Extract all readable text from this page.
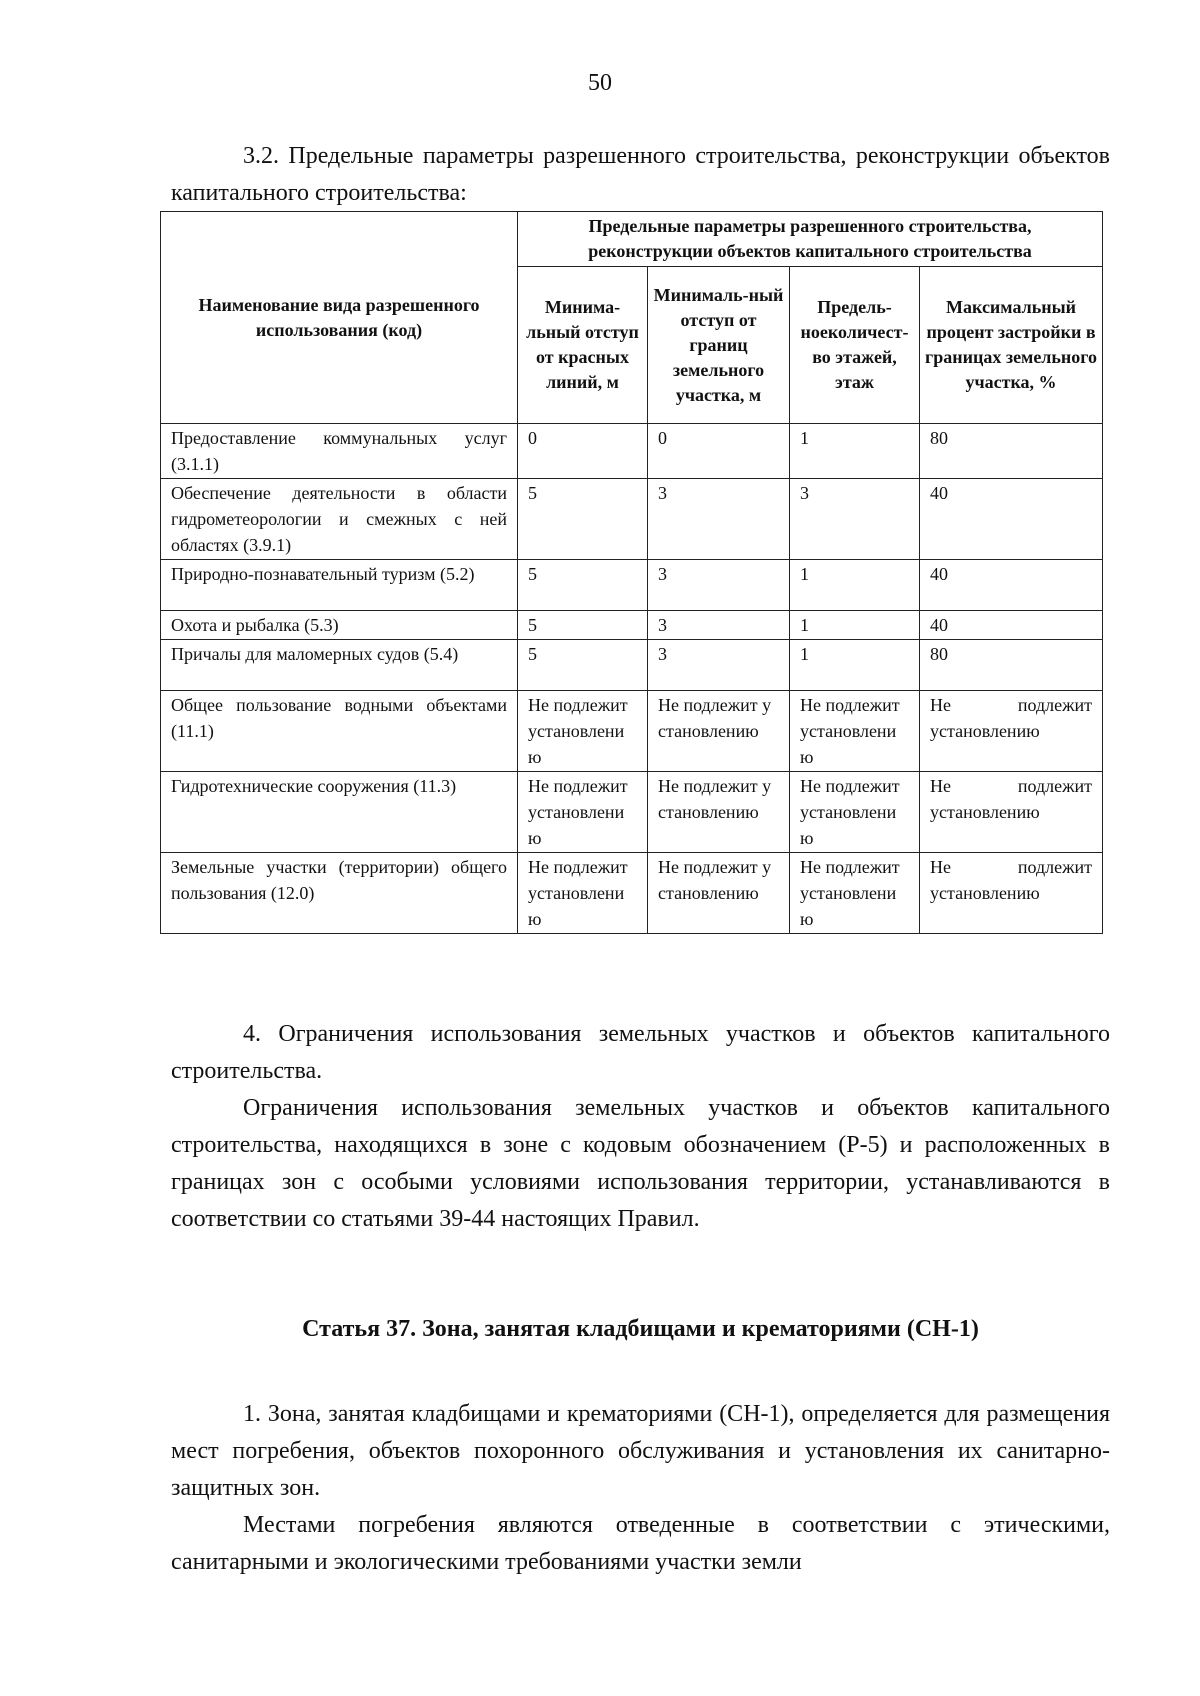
50

3.2. Предельные параметры разрешенного строительства, реконструкции объектов капитального строительства:

Наименование вида разрешенного использования (код)	Предельные параметры разрешенного строительства, реконструкции объектов капитального строительства			
	Минима-льный отступ от красных линий, м	Минималь-ный отступ от границ земельного участка, м	Предель-ноеколичест-во этажей, этаж	Максимальный процент застройки в границах земельного участка, %
Предоставление коммунальных услуг (3.1.1)	0	0	1	80
Обеспечение деятельности в области гидрометеорологии и смежных с ней областях (3.9.1)	5	3	3	40
Природно-познавательный туризм (5.2)	5	3	1	40
Охота и рыбалка (5.3)	5	3	1	40
Причалы для маломерных судов (5.4)	5	3	1	80
Общее пользование водными объектами (11.1)	Не подлежит установлению	Не подлежит установлению	Не подлежит установлению	Не подлежит установлению
Гидротехнические сооружения (11.3)	Не подлежит установлению	Не подлежит установлению	Не подлежит установлению	Не подлежит установлению
Земельные участки (территории) общего пользования (12.0)	Не подлежит установлению	Не подлежит установлению	Не подлежит установлению	Не подлежит установлению

4. Ограничения использования земельных участков и объектов капитального строительства.

Ограничения использования земельных участков и объектов капитального строительства, находящихся в зоне с кодовым обозначением (Р-5) и расположенных в границах зон с особыми условиями использования территории, устанавливаются в соответствии со статьями 39-44 настоящих Правил.

Статья 37. Зона, занятая кладбищами и крематориями (СН-1)

1. Зона, занятая кладбищами и крематориями (СН-1), определяется для размещения мест погребения, объектов похоронного обслуживания и установления их санитарно-защитных зон.

Местами погребения являются отведенные в соответствии с этическими, санитарными и экологическими требованиями участки земли
